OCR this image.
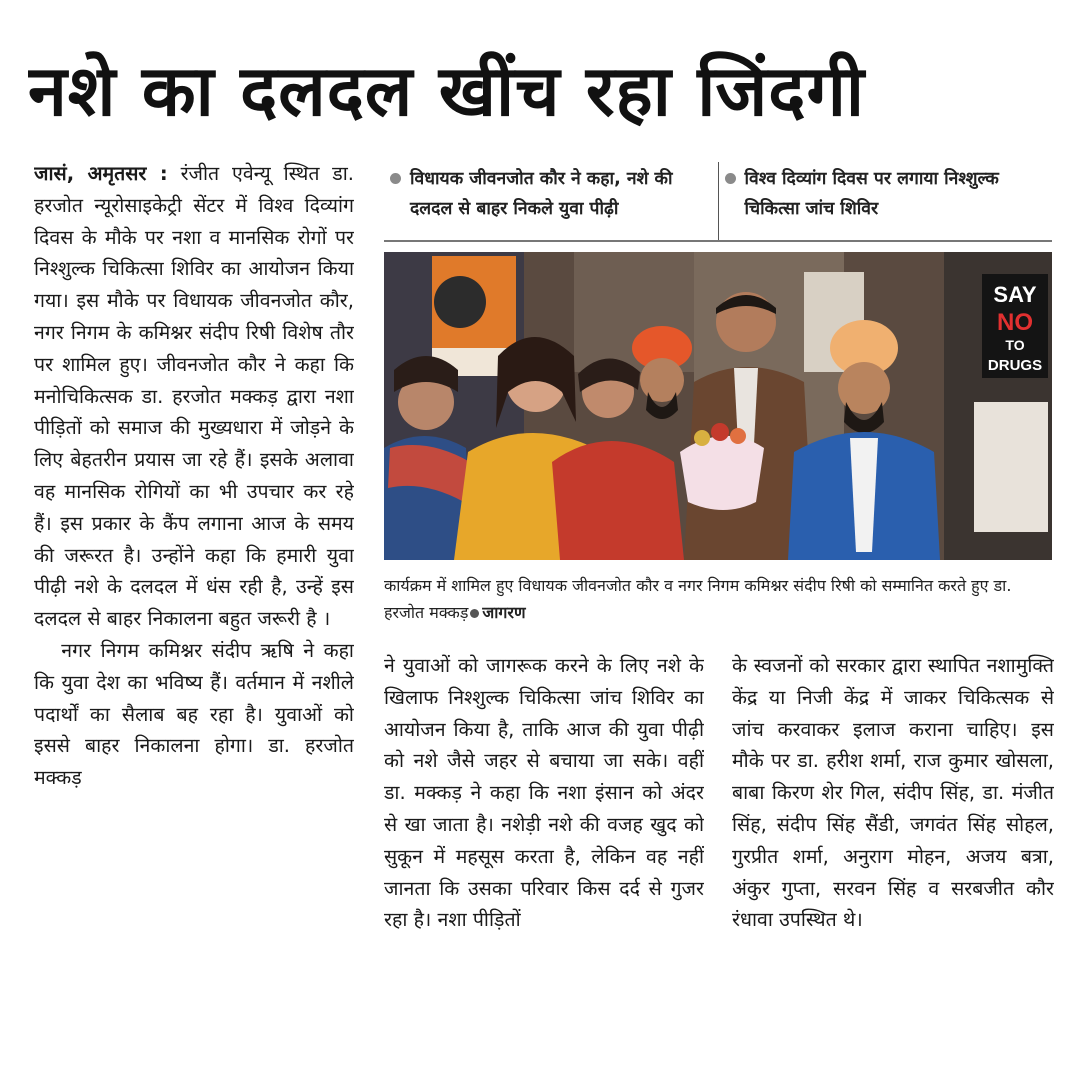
नशे का दलदल खींच रहा जिंदगी

जासं, अमृतसर : रंजीत एवेन्यू स्थित डा. हरजोत न्यूरोसाइकेट्री सेंटर में विश्व दिव्यांग दिवस के मौके पर नशा व मानसिक रोगों पर निश्शुल्क चिकित्सा शिविर का आयोजन किया गया। इस मौके पर विधायक जीवनजोत कौर, नगर निगम के कमिश्नर संदीप रिषी विशेष तौर पर शामिल हुए। जीवनजोत कौर ने कहा कि मनोचिकित्सक डा. हरजोत मक्कड़ द्वारा नशा पीड़ितों को समाज की मुख्यधारा में जोड़ने के लिए बेहतरीन प्रयास जा रहे हैं। इसके अलावा वह मानसिक रोगियों का भी उपचार कर रहे हैं। इस प्रकार के कैंप लगाना आज के समय की जरूरत है। उन्होंने कहा कि हमारी युवा पीढ़ी नशे के दलदल में धंस रही है, उन्हें इस दलदल से बाहर निकालना बहुत जरूरी है ।

नगर निगम कमिश्नर संदीप ऋषि ने कहा कि युवा देश का भविष्य हैं। वर्तमान में नशीले पदार्थों का सैलाब बह रहा है। युवाओं को इससे बाहर निकालना होगा। डा. हरजोत मक्कड़

विधायक जीवनजोत कौर ने कहा, नशे की दलदल से बाहर निकले युवा पीढ़ी
विश्व दिव्यांग दिवस पर लगाया निश्शुल्क चिकित्सा जांच शिविर
SAY
NO
TO
DRUGS
कार्यक्रम में शामिल हुए विधायक जीवनजोत कौर व नगर निगम कमिश्नर संदीप रिषी को सम्मानित करते हुए डा. हरजोत मक्कड़ जागरण

ने युवाओं को जागरूक करने के लिए नशे के खिलाफ निश्शुल्क चिकित्सा जांच शिविर का आयोजन किया है, ताकि आज की युवा पीढ़ी को नशे जैसे जहर से बचाया जा सके। वहीं डा. मक्कड़ ने कहा कि नशा इंसान को अंदर से खा जाता है। नशेड़ी नशे की वजह खुद को सुकून में महसूस करता है, लेकिन वह नहीं जानता कि उसका परिवार किस दर्द से गुजर रहा है। नशा पीड़ितों

के स्वजनों को सरकार द्वारा स्थापित नशामुक्ति केंद्र या निजी केंद्र में जाकर चिकित्सक से जांच करवाकर इलाज कराना चाहिए। इस मौके पर डा. हरीश शर्मा, राज कुमार खोसला, बाबा किरण शेर गिल, संदीप सिंह, डा. मंजीत सिंह, संदीप सिंह सैंडी, जगवंत सिंह सोहल, गुरप्रीत शर्मा, अनुराग मोहन, अजय बत्रा, अंकुर गुप्ता, सरवन सिंह व सरबजीत कौर रंधावा उपस्थित थे।
